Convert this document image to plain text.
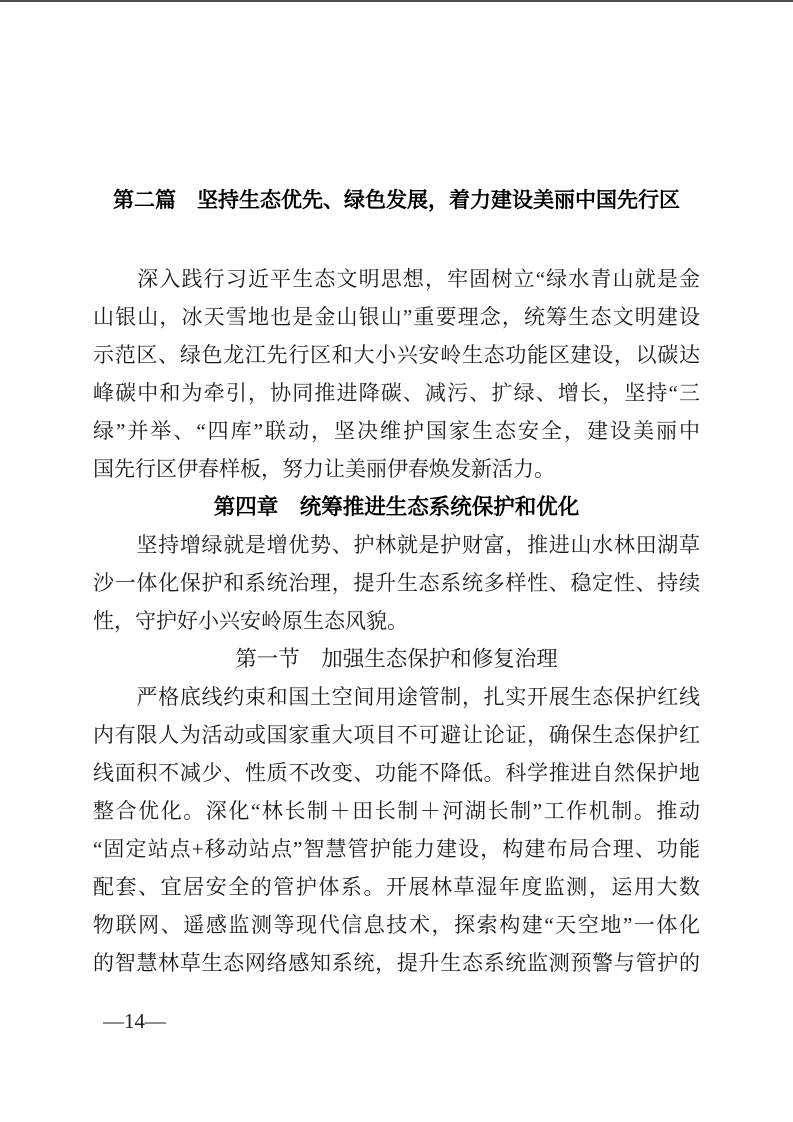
第二篇　坚持生态优先、绿色发展，着力建设美丽中国先行区
　　深入践行习近平生态文明思想，牢固树立“绿水青山就是金
山银山，冰天雪地也是金山银山”重要理念，统筹生态文明建设
示范区、绿色龙江先行区和大小兴安岭生态功能区建设，以碳达
峰碳中和为牵引，协同推进降碳、减污、扩绿、增长，坚持“三
绿”并举、“四库”联动，坚决维护国家生态安全，建设美丽中
国先行区伊春样板，努力让美丽伊春焕发新活力。
第四章　统筹推进生态系统保护和优化
　　坚持增绿就是增优势、护林就是护财富，推进山水林田湖草
沙一体化保护和系统治理，提升生态系统多样性、稳定性、持续
性，守护好小兴安岭原生态风貌。
第一节　加强生态保护和修复治理
　　严格底线约束和国土空间用途管制，扎实开展生态保护红线
内有限人为活动或国家重大项目不可避让论证，确保生态保护红
线面积不减少、性质不改变、功能不降低。科学推进自然保护地
整合优化。深化“林长制＋田长制＋河湖长制”工作机制。推动
“固定站点+移动站点”智慧管护能力建设，构建布局合理、功能
配套、宜居安全的管护体系。开展林草湿年度监测，运用大数
物联网、遥感监测等现代信息技术，探索构建“天空地”一体化
的智慧林草生态网络感知系统，提升生态系统监测预警与管护的
—14—
